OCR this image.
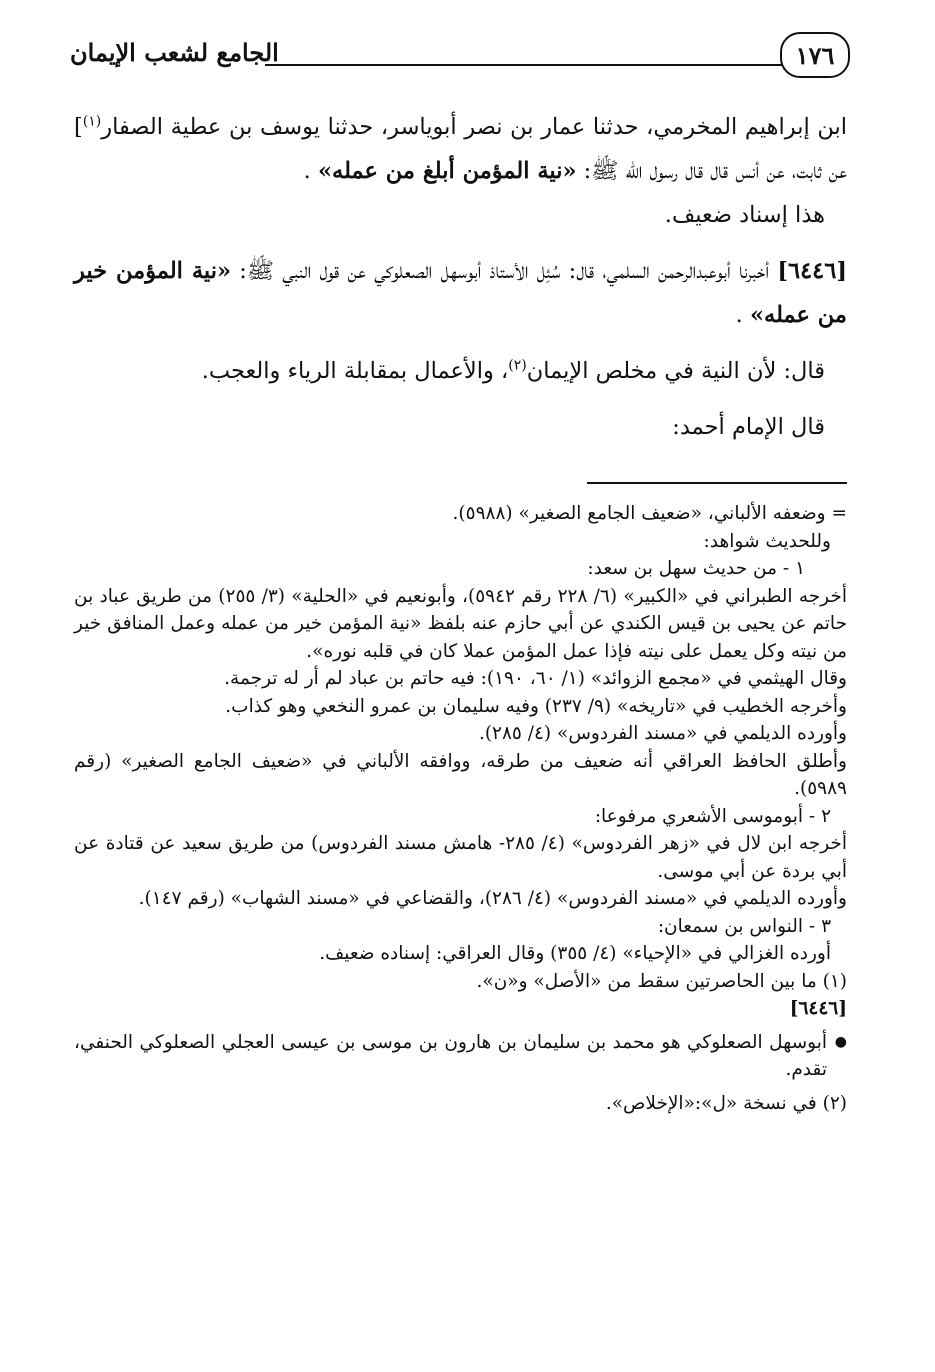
١٧٦
الجامع لشعب الإيمان

ابن إبراهيم المخرمي، حدثنا عمار بن نصر أبوياسر، حدثنا يوسف بن عطية الصفار$^{(١)}$] عن ثابت، عن أنس قال قال رسول الله ﷺ: «نية المؤمن أبلغ من عمله» .

هذا إسناد ضعيف.

[٦٤٤٦] أخبرنا أبوعبدالرحمن السلمي، قال: سُئِل الأستاذ أبوسهل الصعلوكي عن قول النبي ﷺ: «نية المؤمن خير من عمله» .

قال: لأن النية في مخلص الإيمان$^{(٢)}$، والأعمال بمقابلة الرياء والعجب.

قال الإمام أحمد:

= وضعفه الألباني، «ضعيف الجامع الصغير» (٥٩٨٨).

وللحديث شواهد:

١ - من حديث سهل بن سعد:

أخرجه الطبراني في «الكبير» (٦/ ٢٢٨ رقم ٥٩٤٢)، وأبونعيم في «الحلية» (٣/ ٢٥٥) من طريق عباد بن حاتم عن يحيى بن قيس الكندي عن أبي حازم عنه بلفظ «نية المؤمن خير من عمله وعمل المنافق خير من نيته وكل يعمل على نيته فإذا عمل المؤمن عملا كان في قلبه نوره».

وقال الهيثمي في «مجمع الزوائد» (١/ ٦٠، ١٩٠): فيه حاتم بن عباد لم أر له ترجمة.

وأخرجه الخطيب في «تاريخه» (٩/ ٢٣٧) وفيه سليمان بن عمرو النخعي وهو كذاب.

وأورده الديلمي في «مسند الفردوس» (٤/ ٢٨٥).

وأطلق الحافظ العراقي أنه ضعيف من طرقه، ووافقه الألباني في «ضعيف الجامع الصغير» (رقم ٥٩٨٩).

٢ - أبوموسى الأشعري مرفوعا:

أخرجه ابن لال في «زهر الفردوس» (٤/ ٢٨٥- هامش مسند الفردوس) من طريق سعيد عن قتادة عن أبي بردة عن أبي موسى.

وأورده الديلمي في «مسند الفردوس» (٤/ ٢٨٦)، والقضاعي في «مسند الشهاب» (رقم ١٤٧).

٣ - النواس بن سمعان:

أورده الغزالي في «الإحياء» (٤/ ٣٥٥) وقال العراقي: إسناده ضعيف.

(١) ما بين الحاصرتين سقط من «الأصل» و«ن».

[٦٤٤٦]

●

أبوسهل الصعلوكي هو محمد بن سليمان بن هارون بن موسى بن عيسى العجلي الصعلوكي الحنفي، تقدم.

(٢) في نسخة «ل»:«الإخلاص».
